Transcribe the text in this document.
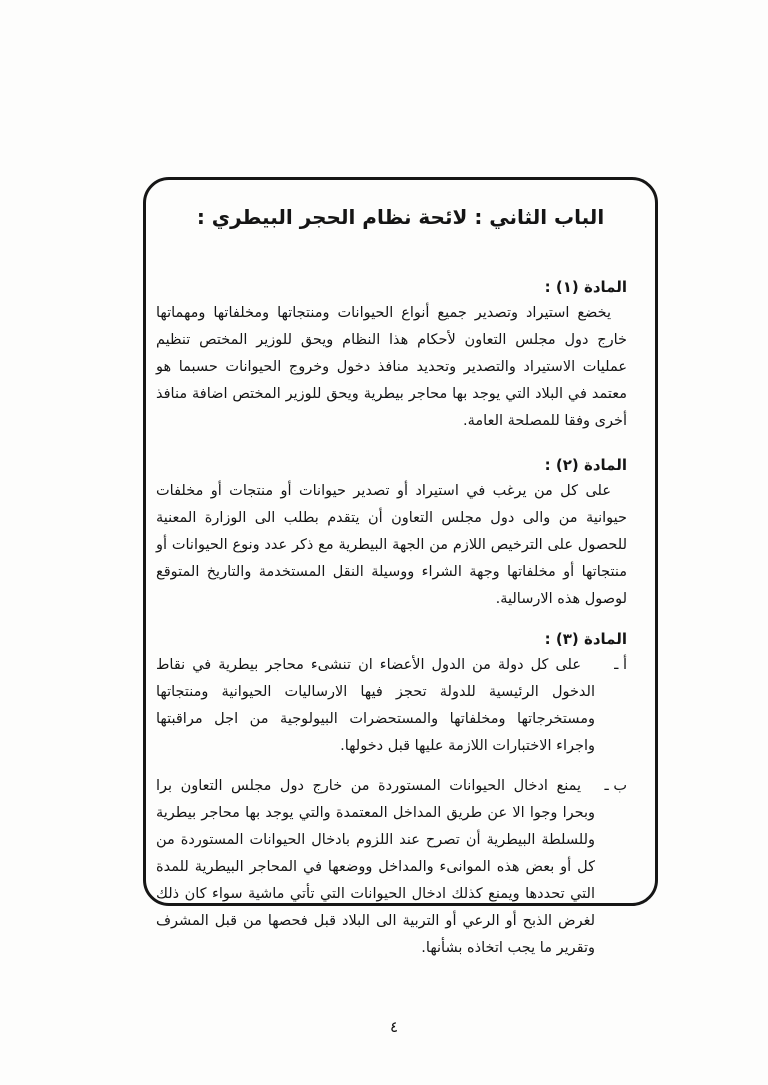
الباب الثاني : لائحة نظام الحجر البيطري :
المادة (١) :

يخضع استيراد وتصدير جميع أنواع الحيوانات ومنتجاتها ومخلفاتها ومهماتها خارج دول مجلس التعاون لأحكام هذا النظام ويحق للوزير المختص تنظيم عمليات الاستيراد والتصدير وتحديد منافذ دخول وخروج الحيوانات حسبما هو معتمد في البلاد التي يوجد بها محاجر بيطرية ويحق للوزير المختص اضافة منافذ أخرى وفقا للمصلحة العامة.

المادة (٢) :

على كل من يرغب في استيراد أو تصدير حيوانات أو منتجات أو مخلفات حيوانية من والى دول مجلس التعاون أن يتقدم بطلب الى الوزارة المعنية للحصول على الترخيص اللازم من الجهة البيطرية مع ذكر عدد ونوع الحيوانات أو منتجاتها أو مخلفاتها وجهة الشراء ووسيلة النقل المستخدمة والتاريخ المتوقع لوصول هذه الارسالية.

المادة (٣) :
أ ـ
على كل دولة من الدول الأعضاء ان تنشىء محاجر بيطرية في نقاط الدخول الرئيسية للدولة تحجز فيها الارساليات الحيوانية ومنتجاتها ومستخرجاتها ومخلفاتها والمستحضرات البيولوجية من اجل مراقبتها واجراء الاختبارات اللازمة عليها قبل دخولها.
ب ـ
يمنع ادخال الحيوانات المستوردة من خارج دول مجلس التعاون برا وبحرا وجوا الا عن طريق المداخل المعتمدة والتي يوجد بها محاجر بيطرية وللسلطة البيطرية أن تصرح عند اللزوم بادخال الحيوانات المستوردة من كل أو بعض هذه الموانىء والمداخل ووضعها في المحاجر البيطرية للمدة التي تحددها ويمنع كذلك ادخال الحيوانات التي تأتي ماشية سواء كان ذلك لغرض الذبح أو الرعي أو التربية الى البلاد قبل فحصها من قبل المشرف وتقرير ما يجب اتخاذه بشأنها.
٤
